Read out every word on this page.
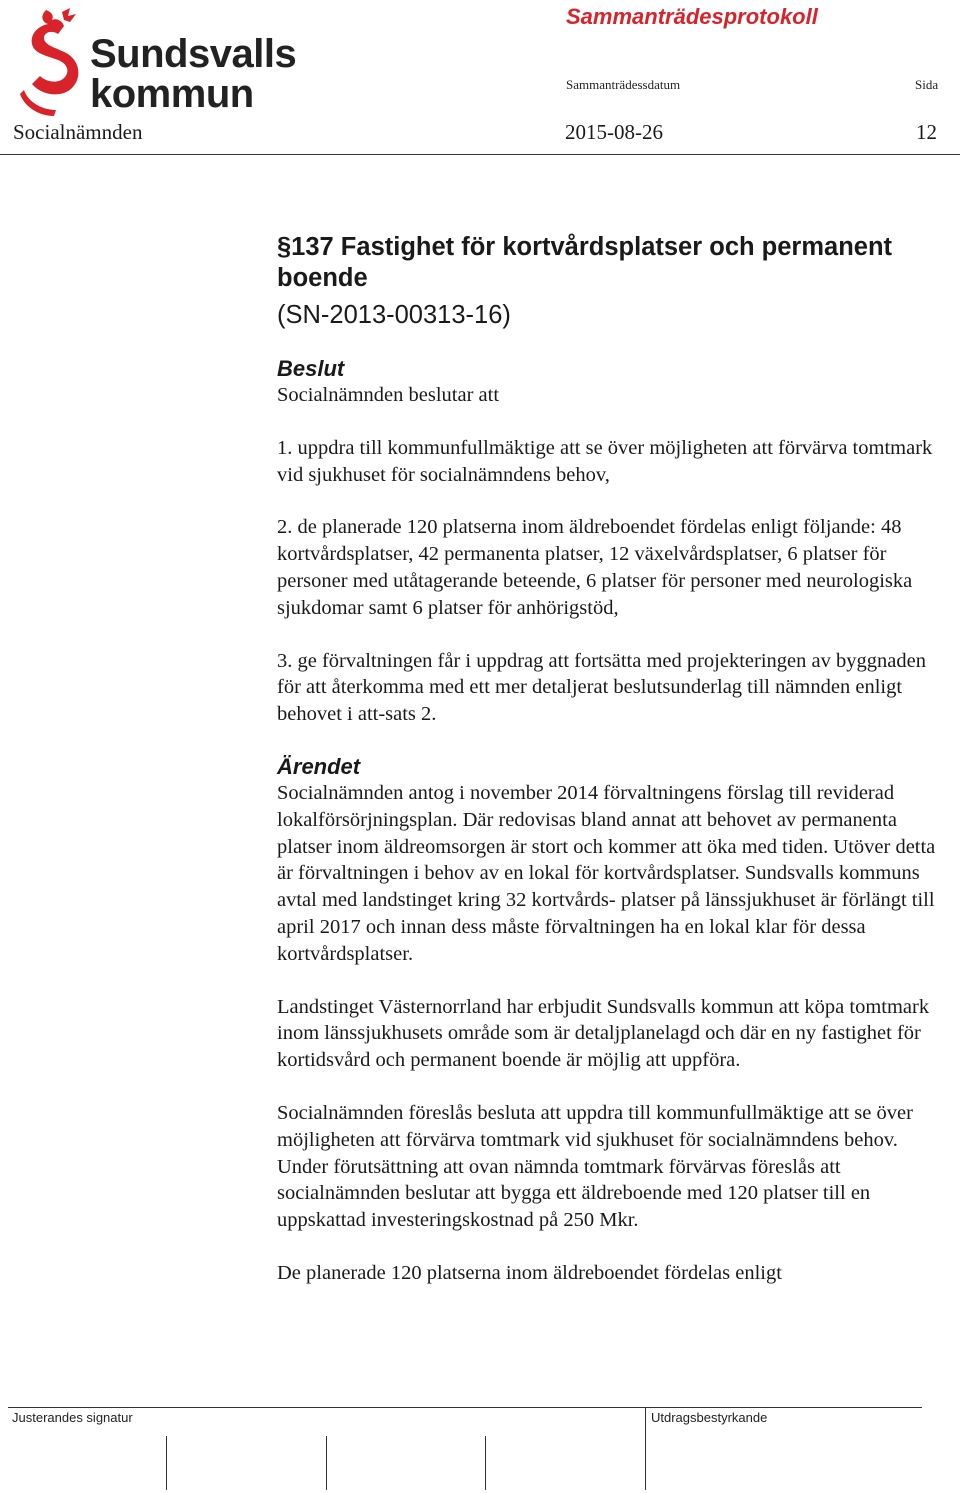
Sundsvalls
kommun
Sammanträdesprotokoll
Sammanträdessdatum	Sida
Socialnämnden	2015-08-26	12
§137 Fastighet för kortvårdsplatser och permanent boende

(SN-2013-00313-16)

Beslut

Socialnämnden beslutar att

1. uppdra till kommunfullmäktige att se över möjligheten att förvärva tomtmark vid sjukhuset för socialnämndens behov,

2. de planerade 120 platserna inom äldreboendet fördelas enligt följande: 48 kortvårdsplatser, 42 permanenta platser, 12 växelvårdsplatser, 6 platser för personer med utåtagerande beteende, 6 platser för personer med neurologiska sjukdomar samt 6 platser för anhörigstöd,

3. ge förvaltningen får i uppdrag att fortsätta med projekteringen av byggnaden för att återkomma med ett mer detaljerat beslutsunderlag till nämnden enligt behovet i att-sats 2.

Ärendet

Socialnämnden antog i november 2014 förvaltningens förslag till reviderad lokalförsörjningsplan. Där redovisas bland annat att behovet av permanenta platser inom äldreomsorgen är stort och kommer att öka med tiden. Utöver detta är förvaltningen i behov av en lokal för kortvårdsplatser. Sundsvalls kommuns avtal med landstinget kring 32 kortvårds- platser på länssjukhuset är förlängt till april 2017 och innan dess måste förvaltningen ha en lokal klar för dessa kortvårdsplatser.

Landstinget Västernorrland har erbjudit Sundsvalls kommun att köpa tomtmark inom länssjukhusets område som är detaljplanelagd och där en ny fastighet för kortidsvård och permanent boende är möjlig att uppföra.

Socialnämnden föreslås besluta att uppdra till kommunfullmäktige att se över möjligheten att förvärva tomtmark vid sjukhuset för socialnämndens behov. Under förutsättning att ovan nämnda tomtmark förvärvas föreslås att socialnämnden beslutar att bygga ett äldreboende med 120 platser till en uppskattad investeringskostnad på 250 Mkr.

De planerade 120 platserna inom äldreboendet fördelas enligt

Justerandes signatur	Utdragsbestyrkande
